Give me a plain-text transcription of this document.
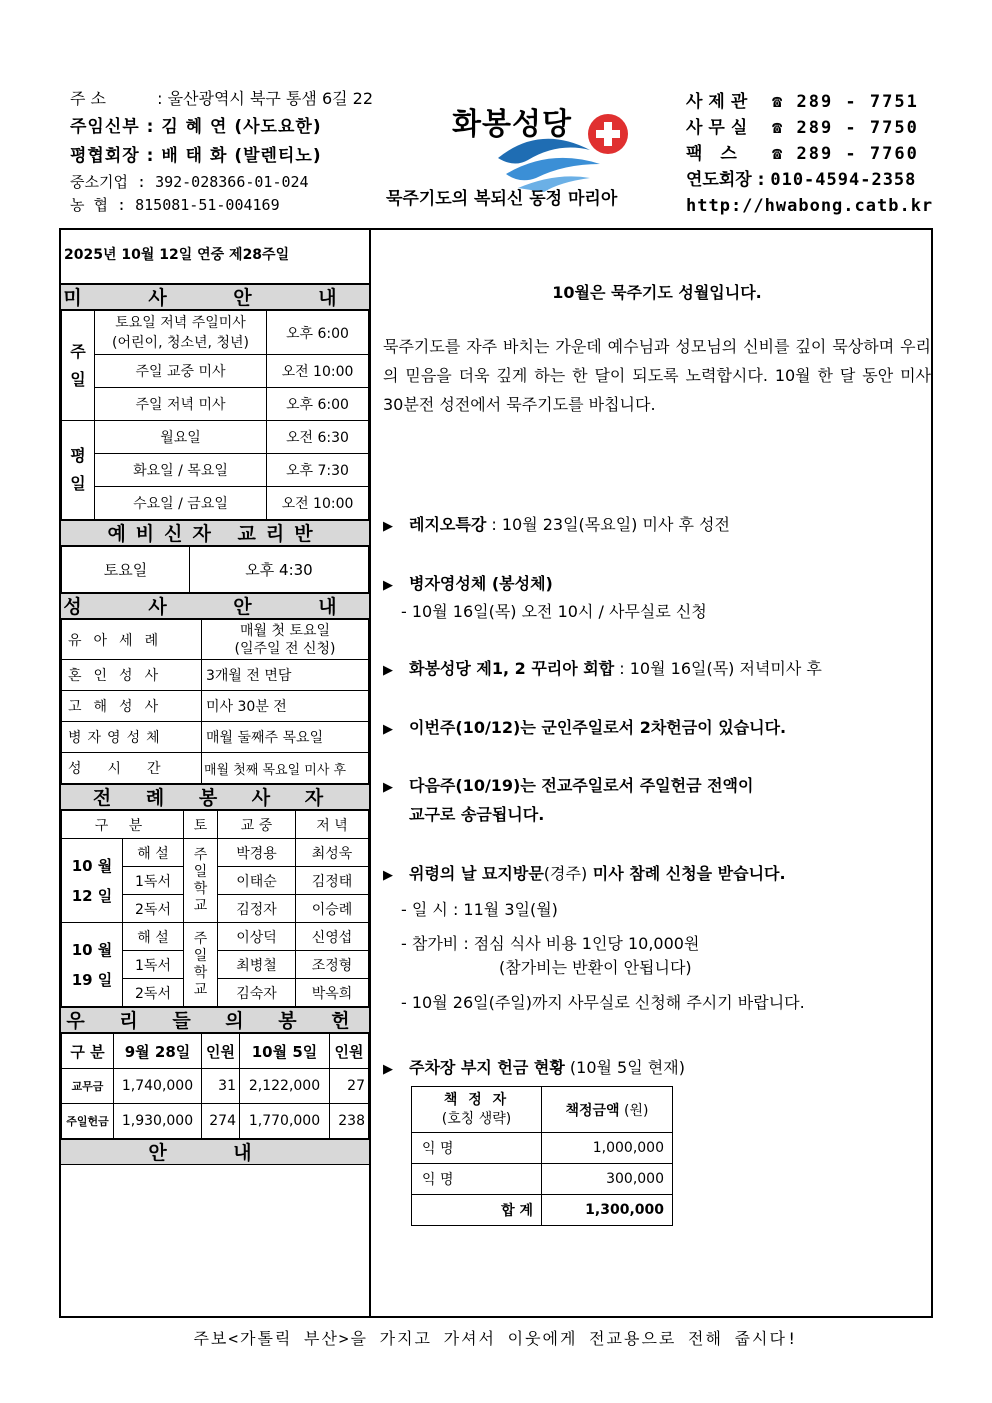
주 소	: 울산광역시 북구 통샘 6길 22
주임신부 : 김 혜 연 (사도요한)
평협회장 : 배 태 화 (발렌티노)
중소기업 : 392-028366-01-024
농 협 : 815081-51-004169
화봉성당
묵주기도의 복되신 동정 마리아
사제관 ☎ 289 - 7751
사무실 ☎ 289 - 7750
팩 스 ☎ 289 - 7760
연도회장 : 010-4594-2358
http://hwabong.catb.kr
2025년 10월 12일 연중 제28주일
미 사 안 내
주일	토요일 저녁 주일미사
(어린이, 청소년, 청년)	오후 6:00
	주일 교중 미사	오전 10:00
	주일 저녁 미사	오후 6:00
평일	월요일	오전 6:30
	화요일 / 목요일	오후 7:30
	수요일 / 금요일	오전 10:00
예비신자 교리반
토요일	오후 4:30
성 사 안 내
유아세례	매월 첫 토요일
(일주일 전 신청)
혼인성사	3개월 전 면담
고해성사	미사 30분 전
병자영성체	매월 둘째주 목요일
성시간	매월 첫째 목요일 미사 후
전 례 봉 사 자
구 분		토	교 중	저 녁
10 월
12 일	해 설	주일학교	박경용	최성욱
	1독서		이태순	김정태
	2독서		김정자	이승례
10 월
19 일	해 설	주일학교	이상덕	신영섭
	1독서		최병철	조정형
	2독서		김숙자	박옥희
우 리 들 의 봉 헌
구 분	9월 28일	인원	10월 5일	인원
교무금	1,740,000	31	2,122,000	27
주일헌금	1,930,000	274	1,770,000	238
안 내
10월은 묵주기도 성월입니다.
묵주기도를 자주 바치는 가운데 예수님과 성모님의 신비를 깊이 묵상하며 우리의 믿음을 더욱 깊게 하는 한 달이 되도록 노력합시다. 10월 한 달 동안 미사 30분전 성전에서 묵주기도를 바칩니다.
▶ 레지오특강 : 10월 23일(목요일) 미사 후 성전
▶ 병자영성체 (봉성체)
- 10월 16일(목) 오전 10시 / 사무실로 신청
▶ 화봉성당 제1, 2 꾸리아 회합 : 10월 16일(목) 저녁미사 후
▶ 이번주(10/12)는 군인주일로서 2차헌금이 있습니다.
▶ 다음주(10/19)는 전교주일로서 주일헌금 전액이
교구로 송금됩니다.
▶ 위령의 날 묘지방문(경주) 미사 참례 신청을 받습니다.
- 일 시 : 11월 3일(월)
- 참가비 : 점심 식사 비용 1인당 10,000원
(참가비는 반환이 안됩니다)
- 10월 26일(주일)까지 사무실로 신청해 주시기 바랍니다.
▶ 주차장 부지 헌금 현황 (10월 5일 현재)
책 정 자
(호칭 생략)	책정금액 (원)
익 명	1,000,000
익 명	300,000
합 계	1,300,000
주보<가톨릭 부산>을 가지고 가셔서 이웃에게 전교용으로 전해 줍시다!
